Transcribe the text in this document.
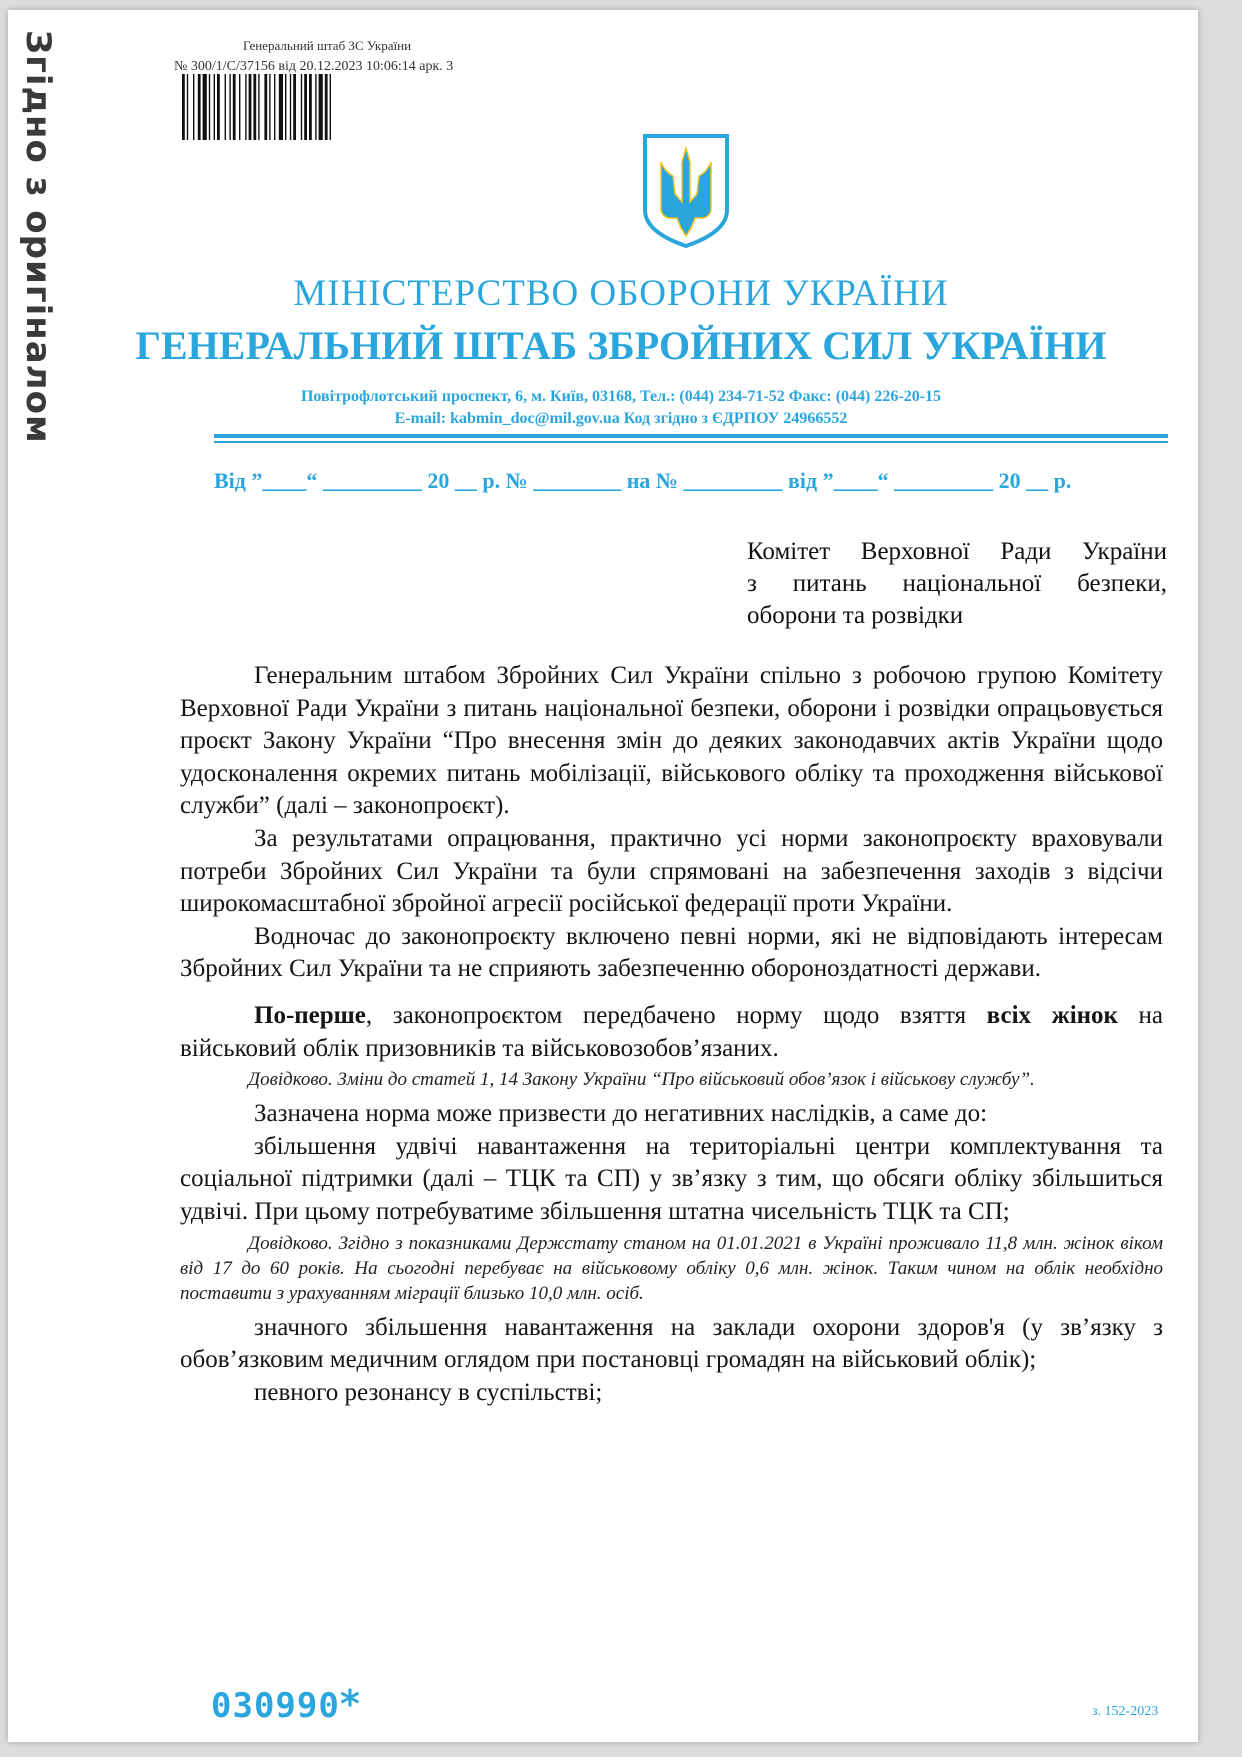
Згідно з оригіналом	Генеральний штаб ЗС України
№ 300/1/С/37156 від 20.12.2023 10:06:14 арк. 3
МІНІСТЕРСТВО ОБОРОНИ УКРАЇНИ
ГЕНЕРАЛЬНИЙ ШТАБ ЗБРОЙНИХ СИЛ УКРАЇНИ
Повітрофлотський проспект, 6, м. Київ, 03168, Тел.: (044) 234-71-52 Факс: (044) 226-20-15
E-mail: kabmin_doc@mil.gov.ua Код згідно з ЄДРПОУ 24966552
Від ”____“ _________ 20 __ р. № ________ на № _________ від ”____“ _________ 20 __ р.
Комітет Верховної Ради України
з питань національної безпеки,
оборони та розвідки

Генеральним штабом Збройних Сил України спільно з робочою групою Комітету Верховної Ради України з питань національної безпеки, оборони і розвідки опрацьовується проєкт Закону України “Про внесення змін до деяких законодавчих актів України щодо удосконалення окремих питань мобілізації, військового обліку та проходження військової служби” (далі – законопроєкт).

За результатами опрацювання, практично усі норми законопроєкту враховували потреби Збройних Сил України та були спрямовані на забезпечення заходів з відсічи широкомасштабної збройної агресії російської федерації проти України.

Водночас до законопроєкту включено певні норми, які не відповідають інтересам Збройних Сил України та не сприяють забезпеченню обороноздатності держави.

По-перше, законопроєктом передбачено норму щодо взяття всіх жінок на військовий облік призовників та військовозобов’язаних.

Довідково. Зміни до статей 1, 14 Закону України “Про військовий обов’язок і військову службу”.

Зазначена норма може призвести до негативних наслідків, а саме до:

збільшення удвічі навантаження на територіальні центри комплектування та соціальної підтримки (далі – ТЦК та СП) у зв’язку з тим, що обсяги обліку збільшиться удвічі. При цьому потребуватиме збільшення штатна чисельність ТЦК та СП;

Довідково. Згідно з показниками Держстату станом на 01.01.2021 в Україні проживало 11,8 млн. жінок віком від 17 до 60 років. На сьогодні перебуває на військовому обліку 0,6 млн. жінок. Таким чином на облік необхідно поставити з урахуванням міграції близько 10,0 млн. осіб.

значного збільшення навантаження на заклади охорони здоров'я (у зв’язку з обов’язковим медичним оглядом при постановці громадян на військовий облік);

певного резонансу в суспільстві;

030990 *	з. 152-2023
